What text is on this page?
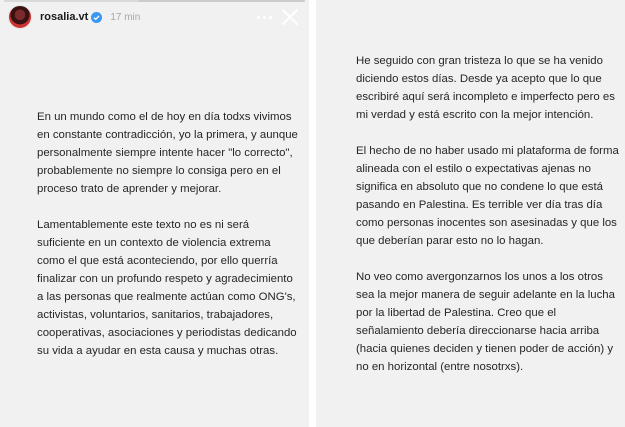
rosalia.vt 17 min

En un mundo como el de hoy en día todxs vivimos en constante contradicción, yo la primera, y aunque personalmente siempre intente hacer "lo correcto", probablemente no siempre lo consiga pero en el proceso trato de aprender y mejorar.

Lamentablemente este texto no es ni será suficiente en un contexto de violencia extrema como el que está aconteciendo, por ello querría finalizar con un profundo respeto y agradecimiento a las personas que realmente actúan como ONG's, activistas, voluntarios, sanitarios, trabajadores, cooperativas, asociaciones y periodistas dedicando su vida a ayudar en esta causa y muchas otras.

He seguido con gran tristeza lo que se ha venido diciendo estos días. Desde ya acepto que lo que escribiré aquí será incompleto e imperfecto pero es mi verdad y está escrito con la mejor intención.

El hecho de no haber usado mi plataforma de forma alineada con el estilo o expectativas ajenas no significa en absoluto que no condene lo que está pasando en Palestina. Es terrible ver día tras día como personas inocentes son asesinadas y que los que deberían parar esto no lo hagan.

No veo como avergonzarnos los unos a los otros sea la mejor manera de seguir adelante en la lucha por la libertad de Palestina. Creo que el señalamiento debería direccionarse hacia arriba (hacia quienes deciden y tienen poder de acción) y no en horizontal (entre nosotrxs).
